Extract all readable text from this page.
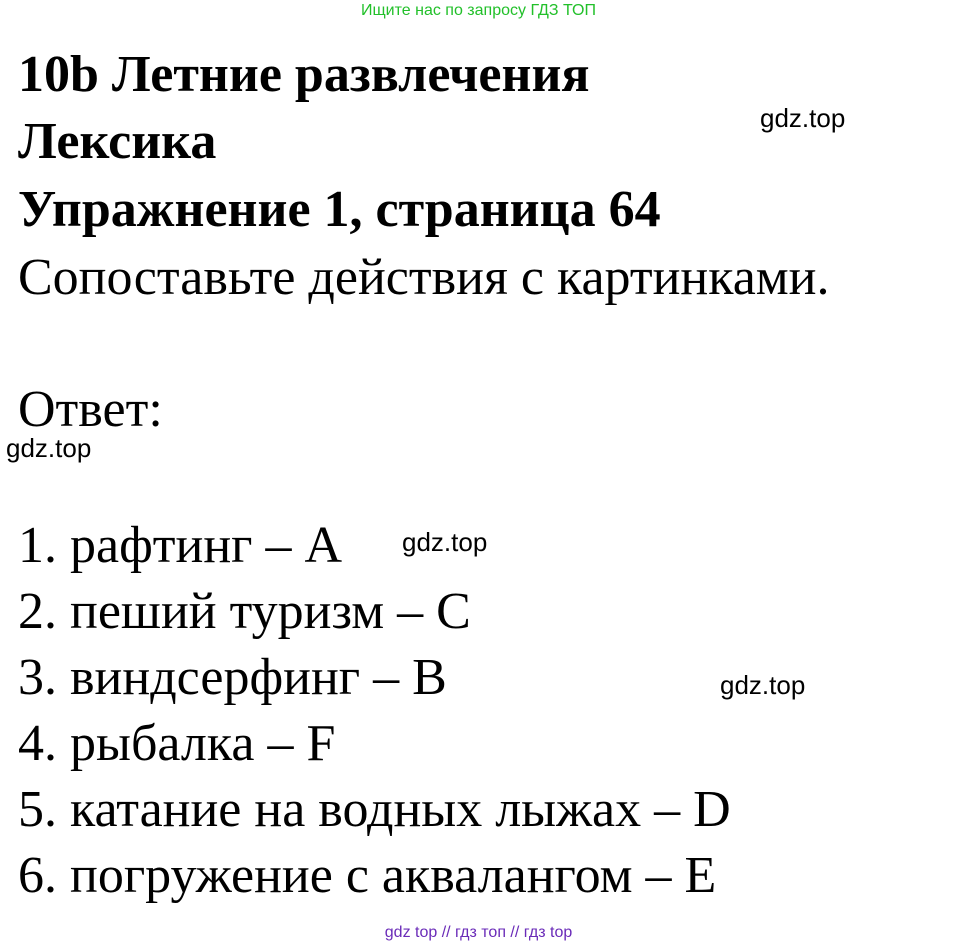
Ищите нас по запросу ГДЗ ТОП
10b Летние развлечения
Лексика
Упражнение 1, страница 64
Сопоставьте действия с картинками.
Ответ:
gdz.top
gdz.top
gdz.top
gdz.top
1. рафтинг – A
2. пеший туризм – C
3. виндсерфинг – B
4. рыбалка – F
5. катание на водных лыжах – D
6. погружение с аквалангом – E
gdz top // гдз топ // гдз top
